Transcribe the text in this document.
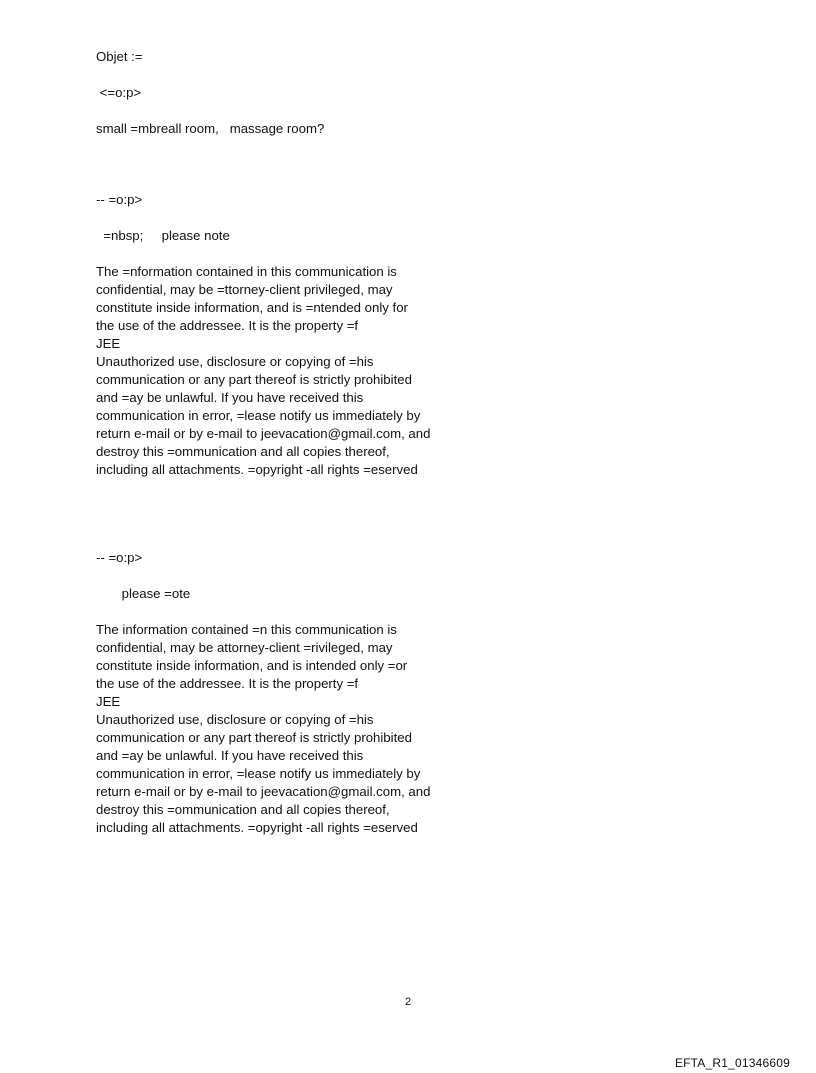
Objet :=
<=o:p>
small =mbreall room,   massage room?
-- =o:p>
=nbsp;     please note
The =nformation contained in this communication is
confidential, may be =ttorney-client privileged, may
constitute inside information, and is =ntended only for
the use of the addressee. It is the property =f
JEE
Unauthorized use, disclosure or copying of =his
communication or any part thereof is strictly prohibited
and =ay be unlawful. If you have received this
communication in error, =lease notify us immediately by
return e-mail or by e-mail to jeevacation@gmail.com, and
destroy this =ommunication and all copies thereof,
including all attachments. =opyright -all rights =eserved
-- =o:p>
please =ote
The information contained =n this communication is
confidential, may be attorney-client =rivileged, may
constitute inside information, and is intended only =or
the use of the addressee. It is the property =f
JEE
Unauthorized use, disclosure or copying of =his
communication or any part thereof is strictly prohibited
and =ay be unlawful. If you have received this
communication in error, =lease notify us immediately by
return e-mail or by e-mail to jeevacation@gmail.com, and
destroy this =ommunication and all copies thereof,
including all attachments. =opyright -all rights =eserved
2
EFTA_R1_01346609
